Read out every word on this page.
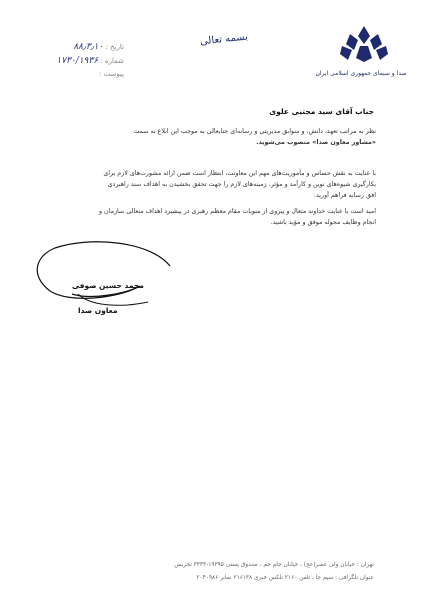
صدا و سیمای جمهوری اسلامی ایران
بسمه تعالی
تاریخ : ۸۸٫۳٫۱۰
شماره : ۱۷۳۰/۱۹۳۶
پیوست :
جناب آقای سید مجتبی علوی
نظر به مراتب تعهد، دانش، و سوابق مدیریتی و رسانه‌ای جنابعالی به موجب این ابلاغ به سمت
«مشاور معاون صدا» منصوب می‌شوید.
با عنایت به نقش حساس و مأموریت‌های مهم این معاونت، انتظار است ضمن ارائه مشورت‌های لازم برای
بکارگیری شیوه‌های نوین و کارآمد و مؤثر، زمینه‌های لازم را جهت تحقق بخشیدن به اهداف سند راهبردی
افق رسانه فراهم آورید.
امید است با عنایت خداوند متعال و پیروی از منویات مقام معظم رهبری در پیشبرد اهداف متعالی سازمان و
انجام وظایف محوله موفق و مؤید باشید.
محمد حسین صوفی
معاون صدا
تهران : خیابان ولی عصر(عج) ، خیابان جام جم ، صندوق پستی ۱۹۳۹۵-۳۳۳۳ تجریش
عنوان تلگرافی : سیم جا ، تلفن ۲۱۶۰ تلکس خبری ۲۱۶۱۳۸ نمابر ۲۰۴۰۹۸۶
